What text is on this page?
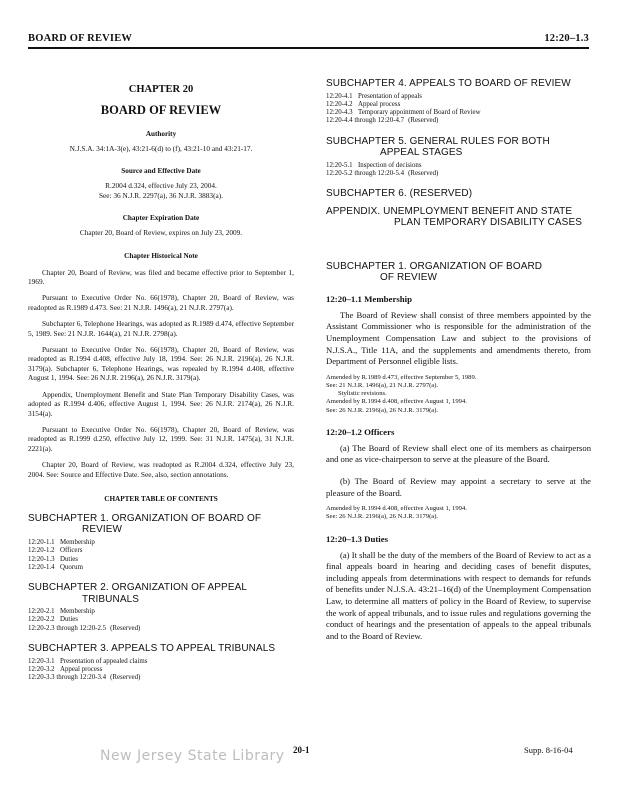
BOARD OF REVIEW	12:20–1.3
CHAPTER 20
BOARD OF REVIEW
Authority
N.J.S.A. 34:1A-3(e), 43:21-6(d) to (f), 43:21-10 and 43:21-17.
Source and Effective Date
R.2004 d.324, effective July 23, 2004.
See: 36 N.J.R. 2297(a), 36 N.J.R. 3883(a).
Chapter Expiration Date
Chapter 20, Board of Review, expires on July 23, 2009.
Chapter Historical Note
Chapter 20, Board of Review, was filed and became effective prior to September 1, 1969.
Pursuant to Executive Order No. 66(1978), Chapter 20, Board of Review, was readopted as R.1989 d.473. See: 21 N.J.R. 1496(a), 21 N.J.R. 2797(a).
Subchapter 6, Telephone Hearings, was adopted as R.1989 d.474, effective September 5, 1989. See: 21 N.J.R. 1644(a), 21 N.J.R. 2798(a).
Pursuant to Executive Order No. 66(1978), Chapter 20, Board of Review, was readopted as R.1994 d.408, effective July 18, 1994. See: 26 N.J.R. 2196(a), 26 N.J.R. 3179(a). Subchapter 6, Telephone Hearings, was repealed by R.1994 d.408, effective August 1, 1994. See: 26 N.J.R. 2196(a), 26 N.J.R. 3179(a).
Appendix, Unemployment Benefit and State Plan Temporary Disability Cases, was adopted as R.1994 d.406, effective August 1, 1994. See: 26 N.J.R. 2174(a), 26 N.J.R. 3154(a).
Pursuant to Executive Order No. 66(1978), Chapter 20, Board of Review, was readopted as R.1999 d.250, effective July 12, 1999. See: 31 N.J.R. 1475(a), 31 N.J.R. 2221(a).
Chapter 20, Board of Review, was readopted as R.2004 d.324, effective July 23, 2004. See: Source and Effective Date. See, also, section annotations.
CHAPTER TABLE OF CONTENTS
SUBCHAPTER 1. ORGANIZATION OF BOARD OF
REVIEW
12:20-1.1 Membership
12:20-1.2 Officers
12:20-1.3 Duties
12:20-1.4 Quorum
SUBCHAPTER 2. ORGANIZATION OF APPEAL
TRIBUNALS
12:20-2.1 Membership
12:20-2.2 Duties
12:20-2.3 through 12:20-2.5 (Reserved)
SUBCHAPTER 3. APPEALS TO APPEAL TRIBUNALS
12:20-3.1 Presentation of appealed claims
12:20-3.2 Appeal process
12:20-3.3 through 12:20-3.4 (Reserved)
SUBCHAPTER 4. APPEALS TO BOARD OF REVIEW
12:20-4.1 Presentation of appeals
12:20-4.2 Appeal process
12:20-4.3 Temporary appointment of Board of Review
12:20-4.4 through 12:20-4.7 (Reserved)
SUBCHAPTER 5. GENERAL RULES FOR BOTH
APPEAL STAGES
12:20-5.1 Inspection of decisions
12:20-5.2 through 12:20-5.4 (Reserved)
SUBCHAPTER 6. (RESERVED)
APPENDIX. UNEMPLOYMENT BENEFIT AND STATE
PLAN TEMPORARY DISABILITY CASES
SUBCHAPTER 1. ORGANIZATION OF BOARD
OF REVIEW
12:20–1.1 Membership
The Board of Review shall consist of three members appointed by the Assistant Commissioner who is responsible for the administration of the Unemployment Compensation Law and subject to the provisions of N.J.S.A., Title 11A, and the supplements and amendments thereto, from Department of Personnel eligible lists.
Amended by R.1989 d.473, effective September 5, 1989.
See: 21 N.J.R. 1496(a), 21 N.J.R. 2797(a).
Stylistic revisions.
Amended by R.1994 d.408, effective August 1, 1994.
See: 26 N.J.R. 2196(a), 26 N.J.R. 3179(a).
12:20–1.2 Officers
(a) The Board of Review shall elect one of its members as chairperson and one as vice-chairperson to serve at the pleasure of the Board.
(b) The Board of Review may appoint a secretary to serve at the pleasure of the Board.
Amended by R.1994 d.408, effective August 1, 1994.
See: 26 N.J.R. 2196(a), 26 N.J.R. 3179(a).
12:20–1.3 Duties
(a) It shall be the duty of the members of the Board of Review to act as a final appeals board in hearing and deciding cases of benefit disputes, including appeals from determinations with respect to demands for refunds of benefits under N.J.S.A. 43:21–16(d) of the Unemployment Compensation Law, to determine all matters of policy in the Board of Review, to supervise the work of appeal tribunals, and to issue rules and regulations governing the conduct of hearings and the presentation of appeals to the appeal tribunals and to the Board of Review.
New Jersey State Library 20-1	Supp. 8-16-04
